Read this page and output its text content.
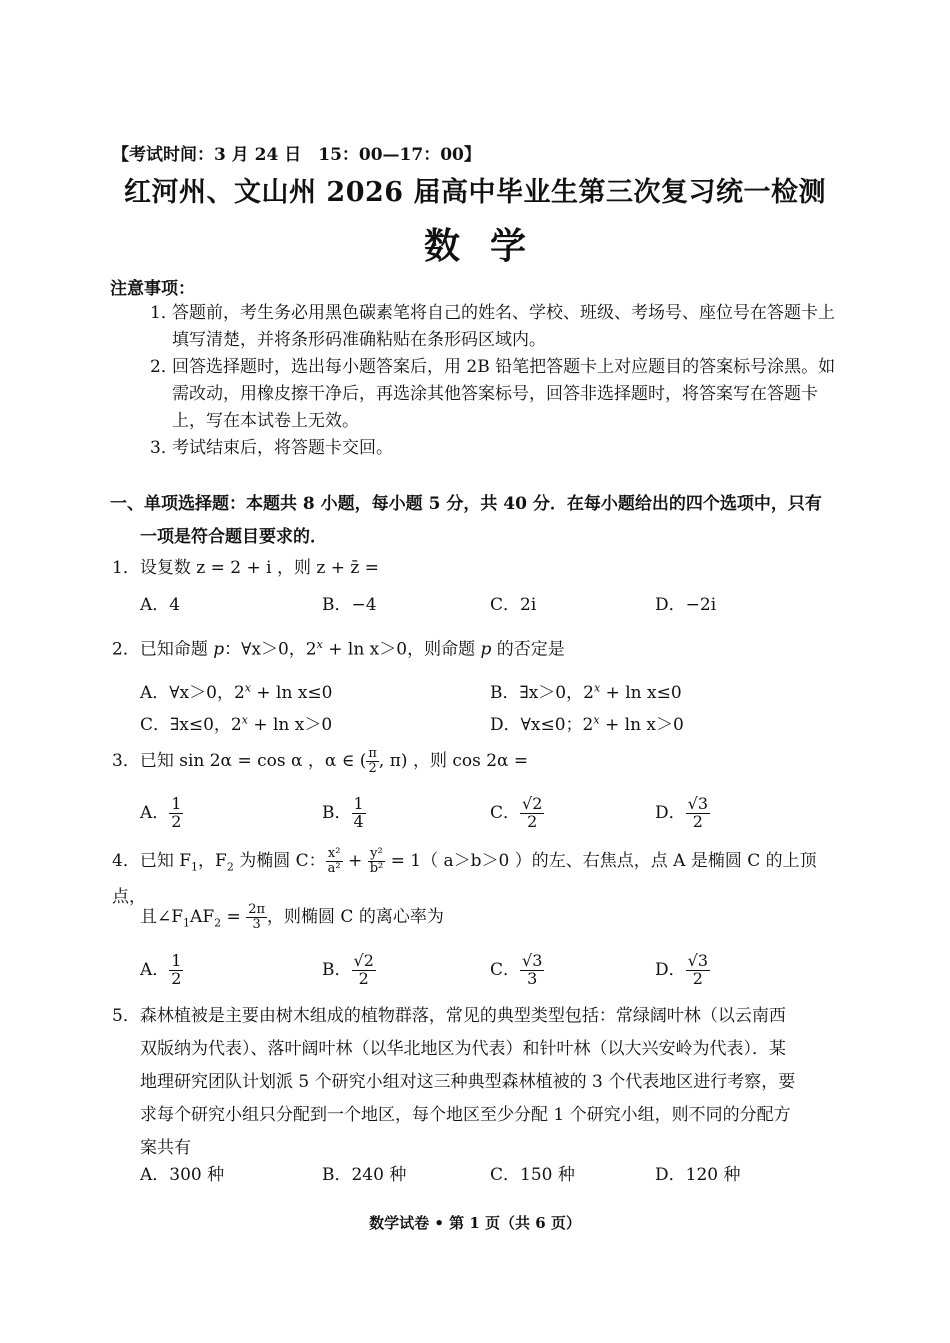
【考试时间：3 月 24 日　15：00—17：00】
红河州、文山州 2026 届高中毕业生第三次复习统一检测
数学
注意事项：
1．
答题前，考生务必用黑色碳素笔将自己的姓名、学校、班级、考场号、座位号在答题卡上填写清楚，并将条形码准确粘贴在条形码区域内。
2．
回答选择题时，选出每小题答案后，用 2B 铅笔把答题卡上对应题目的答案标号涂黑。如需改动，用橡皮擦干净后，再选涂其他答案标号，回答非选择题时，将答案写在答题卡上，写在本试卷上无效。
3．
考试结束后，将答题卡交回。
一、单项选择题：本题共 8 小题，每小题 5 分，共 40 分．在每小题给出的四个选项中，只有
一项是符合题目要求的．
1．设复数 z = 2 + i ，则 z + z̄ =
A．4	B．−4	C．2i	D．−2i
2．已知命题 p：∀x＞0，$2^x + \ln x>0$，则命题 p 的否定是
A．∀x＞0，$2^x + \ln x\le 0$	B．∃x＞0，$2^x + \ln x\le 0$
C．∃x≤0，$2^x + \ln x>0$	D．∀x≤0；$2^x + \ln x>0$
3．已知 sin 2α = cos α ，α ∈ ( $\frac{\pi}{2}$ , π) ，则 cos 2α =
A． $\frac{1}{2}$	B． $\frac{1}{4}$	C． $\frac{√2}{2}$	D． $\frac{√3}{2}$
4．已知 $F_1$，$F_2$ 为椭圆 C： $\frac{\text{x²}}{\text{a²}} + \frac{\text{y²}}{\text{b²}} = 1$（ a＞b＞0 ）的左、右焦点，点 A 是椭圆 C 的上顶点，
且$\angle F_1AF_2 = \frac{2\pi}{3}$ ，则椭圆 C 的离心率为
A． $\frac{1}{2}$	B． $\frac{√2}{2}$	C． $\frac{√3}{3}$	D． $\frac{√3}{2}$
5．森林植被是主要由树木组成的植物群落，常见的典型类型包括：常绿阔叶林（以云南西
双版纳为代表）、落叶阔叶林（以华北地区为代表）和针叶林（以大兴安岭为代表）．某
地理研究团队计划派 5 个研究小组对这三种典型森林植被的 3 个代表地区进行考察，要
求每个研究小组只分配到一个地区，每个地区至少分配 1 个研究小组，则不同的分配方
案共有
A．300 种	B．240 种	C．150 种	D．120 种
数学试卷 • 第 1 页（共 6 页）
